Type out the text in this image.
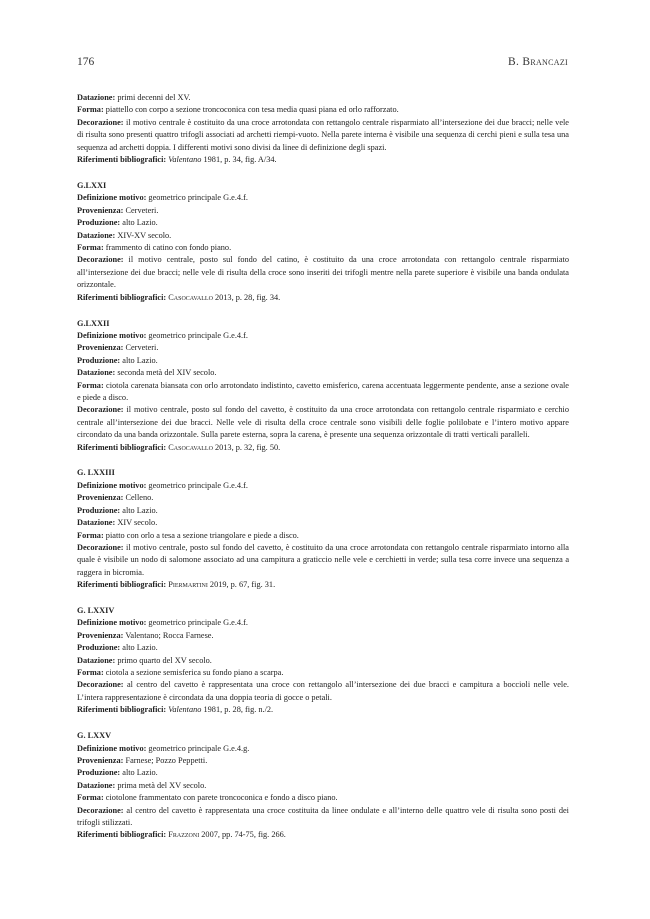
176	B. Brancazi

Datazione: primi decenni del XV.

Forma: piattello con corpo a sezione troncoconica con tesa media quasi piana ed orlo rafforzato.

Decorazione: il motivo centrale è costituito da una croce arrotondata con rettangolo centrale risparmiato all’intersezione dei due bracci; nelle vele di risulta sono presenti quattro trifogli associati ad archetti riempi-vuoto. Nella parete interna è visibile una sequenza di cerchi pieni e sulla tesa una sequenza ad archetti doppia. I differenti motivi sono divisi da linee di definizione degli spazi.

Riferimenti bibliografici: Valentano 1981, p. 34, fig. A/34.

G.LXXI

Definizione motivo: geometrico principale G.e.4.f.

Provenienza: Cerveteri.

Produzione: alto Lazio.

Datazione: XIV-XV secolo.

Forma: frammento di catino con fondo piano.

Decorazione: il motivo centrale, posto sul fondo del catino, è costituito da una croce arrotondata con rettangolo centrale risparmiato all’intersezione dei due bracci; nelle vele di risulta della croce sono inseriti dei trifogli mentre nella parete superiore è visibile una banda ondulata orizzontale.

Riferimenti bibliografici: Casocavallo 2013, p. 28, fig. 34.

G.LXXII

Definizione motivo: geometrico principale G.e.4.f.

Provenienza: Cerveteri.

Produzione: alto Lazio.

Datazione: seconda metà del XIV secolo.

Forma: ciotola carenata biansata con orlo arrotondato indistinto, cavetto emisferico, carena accentuata leggermente pendente, anse a sezione ovale e piede a disco.

Decorazione: il motivo centrale, posto sul fondo del cavetto, è costituito da una croce arrotondata con rettangolo centrale risparmiato e cerchio centrale all’intersezione dei due bracci. Nelle vele di risulta della croce centrale sono visibili delle foglie polilobate e l’intero motivo appare circondato da una banda orizzontale. Sulla parete esterna, sopra la carena, è presente una sequenza orizzontale di tratti verticali paralleli.

Riferimenti bibliografici: Casocavallo 2013, p. 32, fig. 50.

G. LXXIII

Definizione motivo: geometrico principale G.e.4.f.

Provenienza: Celleno.

Produzione: alto Lazio.

Datazione: XIV secolo.

Forma: piatto con orlo a tesa a sezione triangolare e piede a disco.

Decorazione: il motivo centrale, posto sul fondo del cavetto, è costituito da una croce arrotondata con rettangolo centrale risparmiato intorno alla quale è visibile un nodo di salomone associato ad una campitura a graticcio nelle vele e cerchietti in verde; sulla tesa corre invece una sequenza a raggera in bicromia.

Riferimenti bibliografici: Piermartini 2019, p. 67, fig. 31.

G. LXXIV

Definizione motivo: geometrico principale G.e.4.f.

Provenienza: Valentano; Rocca Farnese.

Produzione: alto Lazio.

Datazione: primo quarto del XV secolo.

Forma: ciotola a sezione semisferica su fondo piano a scarpa.

Decorazione: al centro del cavetto è rappresentata una croce con rettangolo all’intersezione dei due bracci e campitura a boccioli nelle vele. L’intera rappresentazione è circondata da una doppia teoria di gocce o petali.

Riferimenti bibliografici: Valentano 1981, p. 28, fig. n./2.

G. LXXV

Definizione motivo: geometrico principale G.e.4.g.

Provenienza: Farnese; Pozzo Peppetti.

Produzione: alto Lazio.

Datazione: prima metà del XV secolo.

Forma: ciotolone frammentato con parete troncoconica e fondo a disco piano.

Decorazione: al centro del cavetto è rappresentata una croce costituita da linee ondulate e all’interno delle quattro vele di risulta sono posti dei trifogli stilizzati.

Riferimenti bibliografici: Frazzoni 2007, pp. 74-75, fig. 266.
